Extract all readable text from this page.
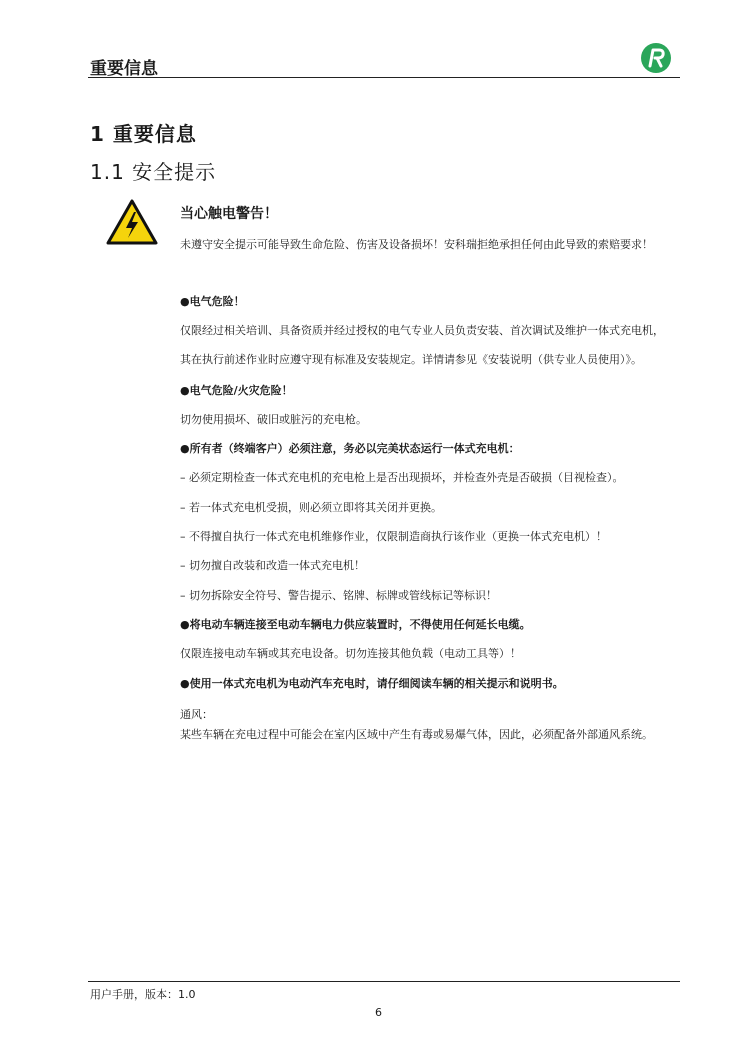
重要信息
1 重要信息
1.1 安全提示
当心触电警告！
未遵守安全提示可能导致生命危险、伤害及设备损坏！安科瑞拒绝承担任何由此导致的索赔要求！
●电气危险！
仅限经过相关培训、具备资质并经过授权的电气专业人员负责安装、首次调试及维护一体式充电机，
其在执行前述作业时应遵守现有标准及安装规定。详情请参见《安装说明（供专业人员使用）》。
●电气危险/火灾危险！
切勿使用损坏、破旧或脏污的充电枪。
●所有者（终端客户）必须注意，务必以完美状态运行一体式充电机：
– 必须定期检查一体式充电机的充电枪上是否出现损坏，并检查外壳是否破损（目视检查）。
– 若一体式充电机受损，则必须立即将其关闭并更换。
– 不得擅自执行一体式充电机维修作业，仅限制造商执行该作业（更换一体式充电机）！
– 切勿擅自改装和改造一体式充电机！
– 切勿拆除安全符号、警告提示、铭牌、标牌或管线标记等标识！
●将电动车辆连接至电动车辆电力供应装置时，不得使用任何延长电缆。
仅限连接电动车辆或其充电设备。切勿连接其他负载（电动工具等）！
●使用一体式充电机为电动汽车充电时，请仔细阅读车辆的相关提示和说明书。
通风：
某些车辆在充电过程中可能会在室内区域中产生有毒或易爆气体，因此，必须配备外部通风系统。
用户手册，版本：1.0
6
